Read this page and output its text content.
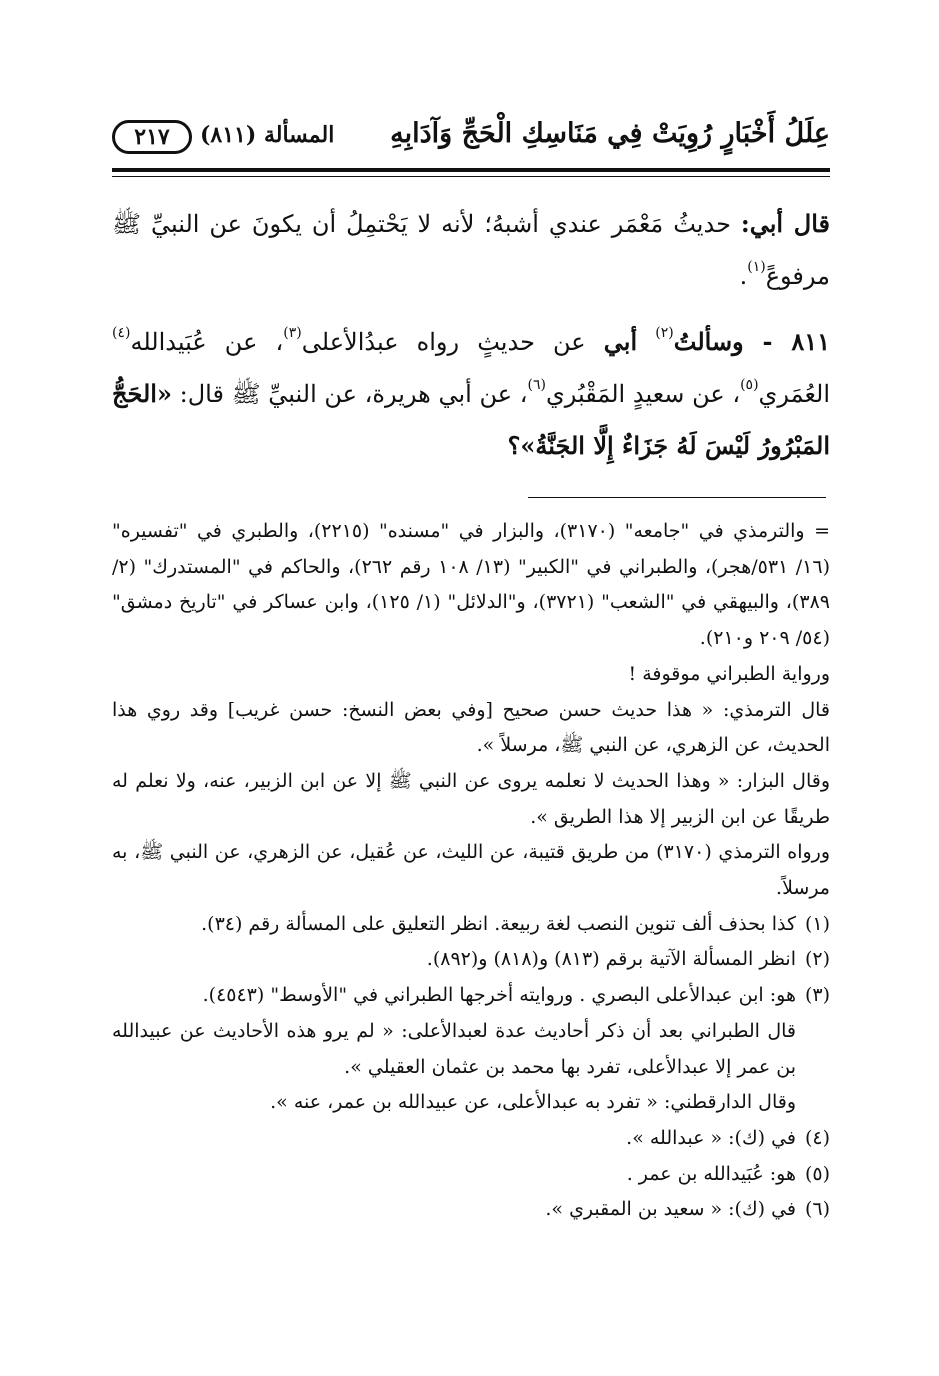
عِلَلُ أَخْبَارٍ رُوِيَتْ فِي مَنَاسِكِ الْحَجِّ وَآدَابِهِ
المسألة (٨١١)
٢١٧

قال أبي: حديثُ مَعْمَر عندي أشبهُ؛ لأنه لا يَحْتمِلُ أن يكونَ عن النبيِّ ﷺ مرفوعً$^{(١)}$.

٨١١ - وسألتُ$^{(٢)}$ أبي عن حديثٍ رواه عبدُالأعلى$^{(٣)}$، عن عُبَيدالله$^{(٤)}$ العُمَري$^{(٥)}$، عن سعيدٍ المَقْبُري$^{(٦)}$، عن أبي هريرة، عن النبيِّ ﷺ قال: «الحَجُّ المَبْرُورُ لَيْسَ لَهُ جَزَاءٌ إِلَّا الجَنَّةُ»؟

= والترمذي في "جامعه" (٣١٧٠)، والبزار في "مسنده" (٢٢١٥)، والطبري في "تفسيره" (١٦/ ٥٣١/هجر)، والطبراني في "الكبير" (١٣/ ١٠٨ رقم ٢٦٢)، والحاكم في "المستدرك" (٢/ ٣٨٩)، والبيهقي في "الشعب" (٣٧٢١)، و"الدلائل" (١/ ١٢٥)، وابن عساكر في "تاريخ دمشق" (٥٤/ ٢٠٩ و٢١٠).

ورواية الطبراني موقوفة !

قال الترمذي: « هذا حديث حسن صحيح [وفي بعض النسخ: حسن غريب] وقد روي هذا الحديث، عن الزهري، عن النبي ﷺ، مرسلاً ».

وقال البزار: « وهذا الحديث لا نعلمه يروى عن النبي ﷺ إلا عن ابن الزبير، عنه، ولا نعلم له طريقًا عن ابن الزبير إلا هذا الطريق ».

ورواه الترمذي (٣١٧٠) من طريق قتيبة، عن الليث، عن عُقيل، عن الزهري، عن النبي ﷺ، به مرسلاً.

(١)
كذا بحذف ألف تنوين النصب لغة ربيعة. انظر التعليق على المسألة رقم (٣٤).
(٢)
انظر المسألة الآتية برقم (٨١٣) و(٨١٨) و(٨٩٢).
(٣)
هو: ابن عبدالأعلى البصري . وروايته أخرجها الطبراني في "الأوسط" (٤٥٤٣).

قال الطبراني بعد أن ذكر أحاديث عدة لعبدالأعلى: « لم يرو هذه الأحاديث عن عبيدالله بن عمر إلا عبدالأعلى، تفرد بها محمد بن عثمان العقيلي ».

وقال الدارقطني: « تفرد به عبدالأعلى، عن عبيدالله بن عمر، عنه ».

(٤)
في (ك): « عبدالله ».
(٥)
هو: عُبَيدالله بن عمر .
(٦)
في (ك): « سعيد بن المقبري ».
